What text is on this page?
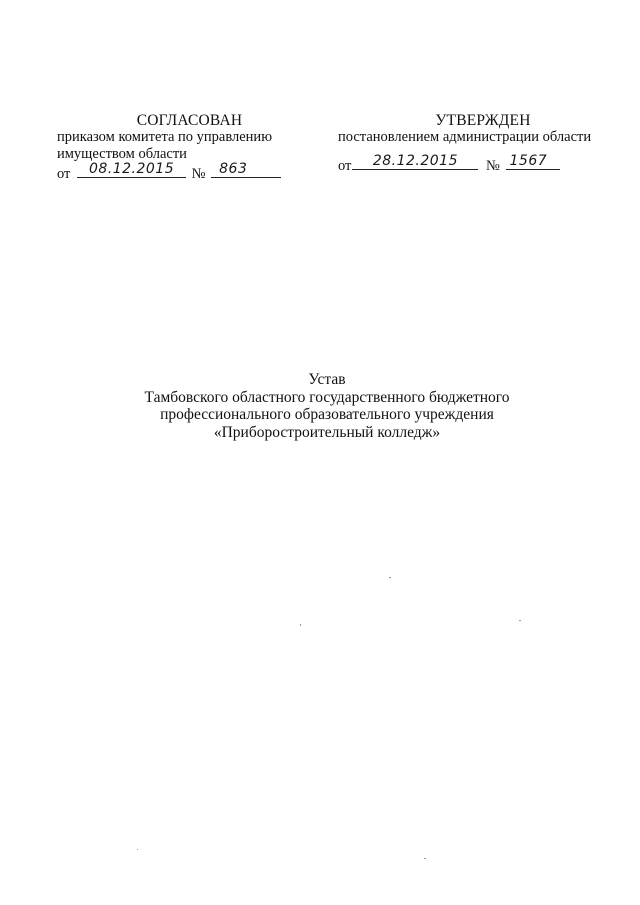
СОГЛАСОВАН
приказом комитета по управлению
имуществом области
от	08.12.2015	№ 863
УТВЕРЖДЕН
постановлением администрации области
от	28.12.2015	№ 1567
Устав
Тамбовского областного государственного бюджетного
профессионального образовательного учреждения
«Приборостроительный колледж»
